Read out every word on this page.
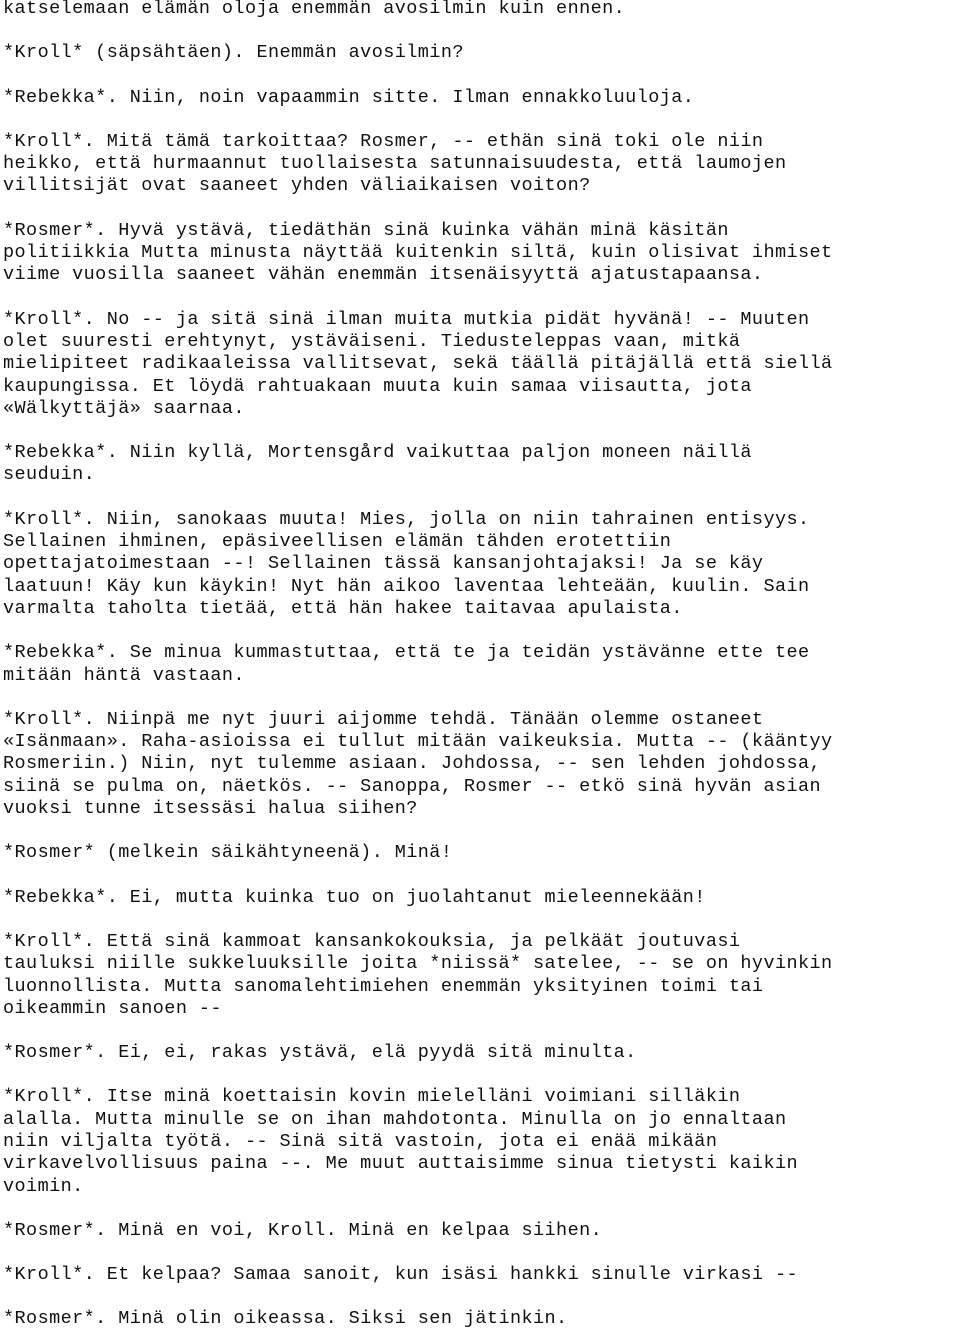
katselemaan elämän oloja enemmän avosilmin kuin ennen.
*Kroll* (säpsähtäen). Enemmän avosilmin?
*Rebekka*. Niin, noin vapaammin sitte. Ilman ennakkoluuloja.
*Kroll*. Mitä tämä tarkoittaa? Rosmer, -- ethän sinä toki ole niin
heikko, että hurmaannut tuollaisesta satunnaisuudesta, että laumojen
villitsijät ovat saaneet yhden väliaikaisen voiton?
*Rosmer*. Hyvä ystävä, tiedäthän sinä kuinka vähän minä käsitän
politiikkia Mutta minusta näyttää kuitenkin siltä, kuin olisivat ihmiset
viime vuosilla saaneet vähän enemmän itsenäisyyttä ajatustapaansa.
*Kroll*. No -- ja sitä sinä ilman muita mutkia pidät hyvänä! -- Muuten
olet suuresti erehtynyt, ystäväiseni. Tiedusteleppas vaan, mitkä
mielipiteet radikaaleissa vallitsevat, sekä täällä pitäjällä että siellä
kaupungissa. Et löydä rahtuakaan muuta kuin samaa viisautta, jota
«Wälkyttäjä» saarnaa.
*Rebekka*. Niin kyllä, Mortensgård vaikuttaa paljon moneen näillä
seuduin.
*Kroll*. Niin, sanokaas muuta! Mies, jolla on niin tahrainen entisyys.
Sellainen ihminen, epäsiveellisen elämän tähden erotettiin
opettajatoimestaan --! Sellainen tässä kansanjohtajaksi! Ja se käy
laatuun! Käy kun käykin! Nyt hän aikoo laventaa lehteään, kuulin. Sain
varmalta taholta tietää, että hän hakee taitavaa apulaista.
*Rebekka*. Se minua kummastuttaa, että te ja teidän ystävänne ette tee
mitään häntä vastaan.
*Kroll*. Niinpä me nyt juuri aijomme tehdä. Tänään olemme ostaneet
«Isänmaan». Raha-asioissa ei tullut mitään vaikeuksia. Mutta -- (kääntyy
Rosmeriin.) Niin, nyt tulemme asiaan. Johdossa, -- sen lehden johdossa,
siinä se pulma on, näetkös. -- Sanoppa, Rosmer -- etkö sinä hyvän asian
vuoksi tunne itsessäsi halua siihen?
*Rosmer* (melkein säikähtyneenä). Minä!
*Rebekka*. Ei, mutta kuinka tuo on juolahtanut mieleennekään!
*Kroll*. Että sinä kammoat kansankokouksia, ja pelkäät joutuvasi
tauluksi niille sukkeluuksille joita *niissä* satelee, -- se on hyvinkin
luonnollista. Mutta sanomalehtimiehen enemmän yksityinen toimi tai
oikeammin sanoen --
*Rosmer*. Ei, ei, rakas ystävä, elä pyydä sitä minulta.
*Kroll*. Itse minä koettaisin kovin mielelläni voimiani silläkin
alalla. Mutta minulle se on ihan mahdotonta. Minulla on jo ennaltaan
niin viljalta työtä. -- Sinä sitä vastoin, jota ei enää mikään
virkavelvollisuus paina --. Me muut auttaisimme sinua tietysti kaikin
voimin.
*Rosmer*. Minä en voi, Kroll. Minä en kelpaa siihen.
*Kroll*. Et kelpaa? Samaa sanoit, kun isäsi hankki sinulle virkasi --
*Rosmer*. Minä olin oikeassa. Siksi sen jätinkin.
